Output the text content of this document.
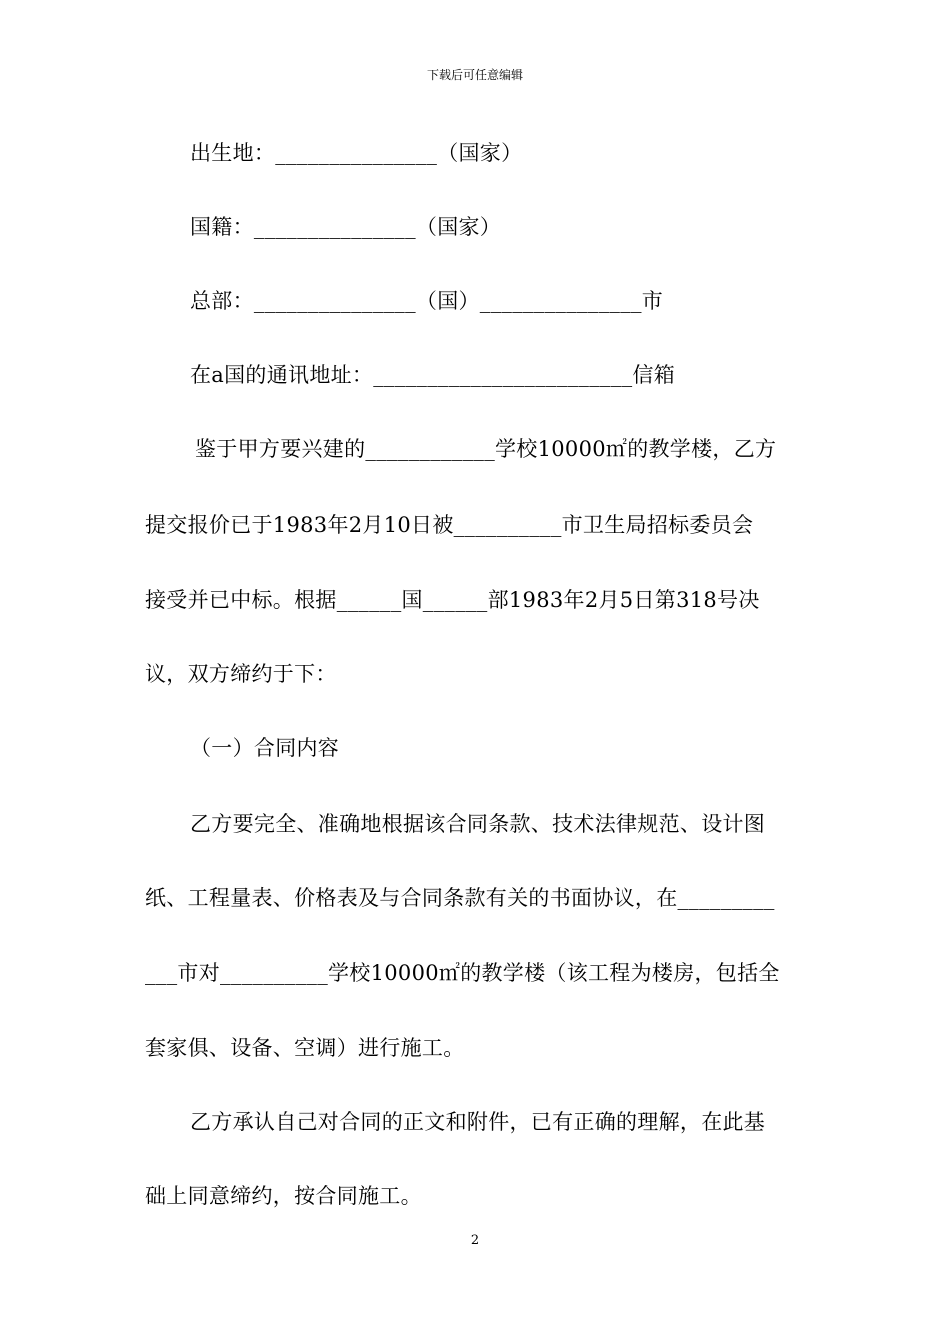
下载后可任意编辑
出生地：_______________（国家）
国籍：_______________（国家）
总部：_______________（国）_______________市
在a国的通讯地址：________________________信箱
鉴于甲方要兴建的____________学校10000㎡的教学楼，乙方
提交报价已于1983年2月10日被__________市卫生局招标委员会
接受并已中标。根据______国______部1983年2月5日第318号决
议，双方缔约于下：
（一）合同内容
乙方要完全、准确地根据该合同条款、技术法律规范、设计图
纸、工程量表、价格表及与合同条款有关的书面协议，在_________
___市对__________学校10000㎡的教学楼（该工程为楼房，包括全
套家俱、设备、空调）进行施工。
乙方承认自己对合同的正文和附件，已有正确的理解，在此基
础上同意缔约，按合同施工。
2
